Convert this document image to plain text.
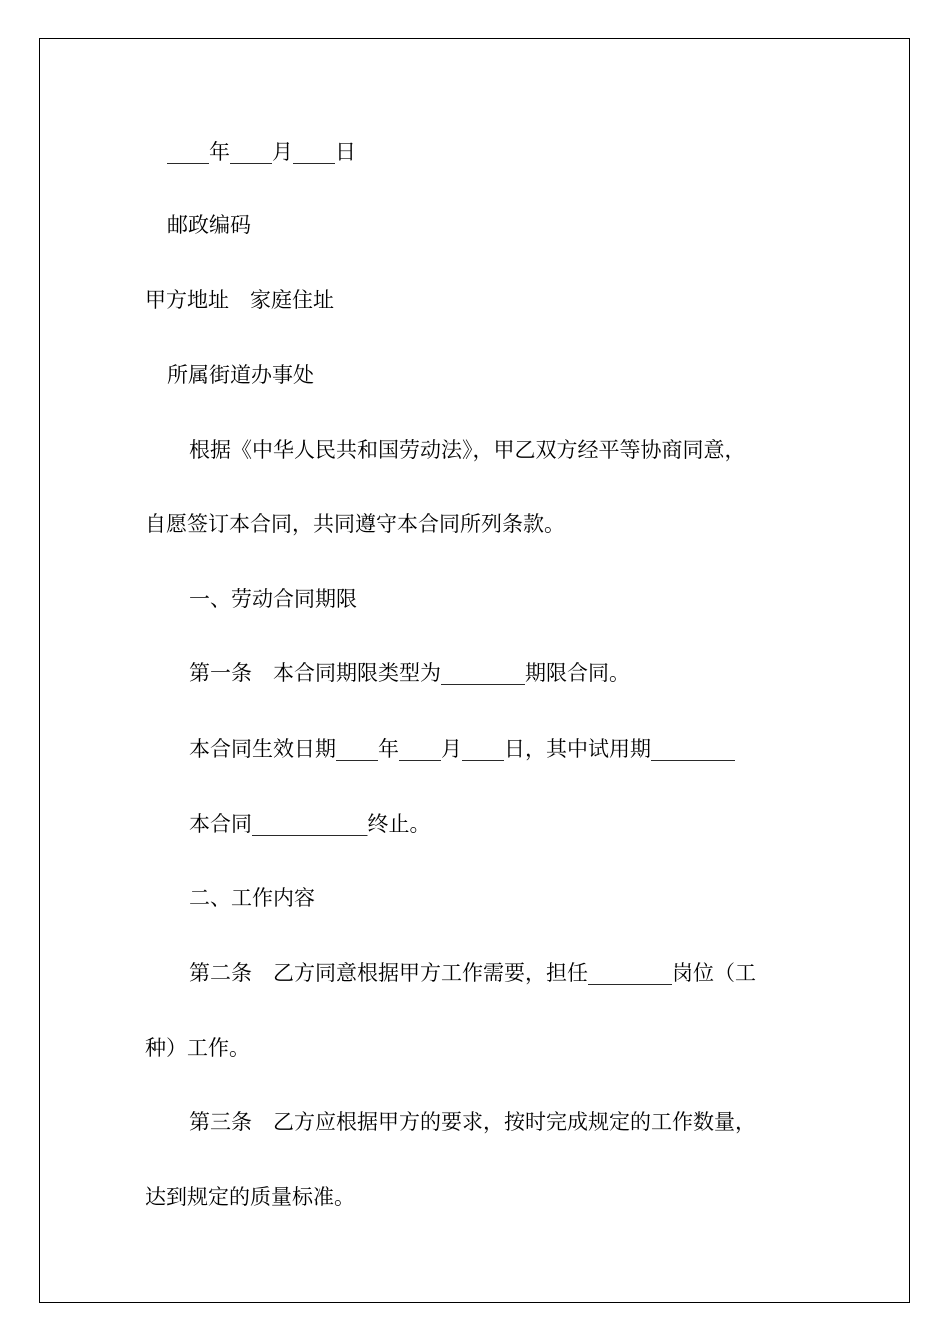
____年____月____日
邮政编码
甲方地址　家庭住址
所属街道办事处
根据《中华人民共和国劳动法》，甲乙双方经平等协商同意，
自愿签订本合同，共同遵守本合同所列条款。
一、劳动合同期限
第一条　本合同期限类型为________期限合同。
本合同生效日期____年____月____日，其中试用期________
本合同___________终止。
二、工作内容
第二条　乙方同意根据甲方工作需要，担任________岗位（工
种）工作。
第三条　乙方应根据甲方的要求，按时完成规定的工作数量，
达到规定的质量标准。
